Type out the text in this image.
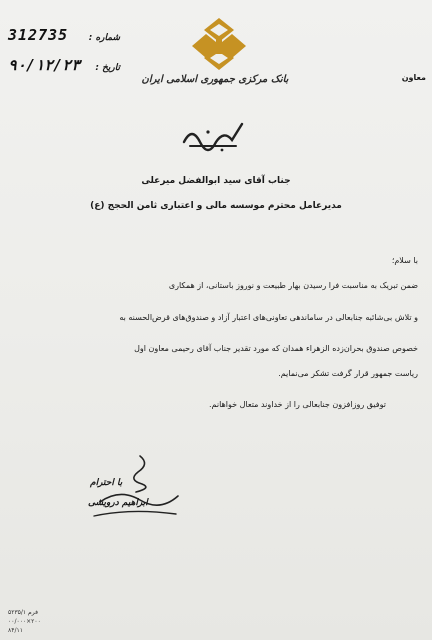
312735 شماره :
۹۰/۱۲/۲۳ تاریخ :
بانک مرکزی جمهوری اسلامی ایران	معاون
جناب آقای سید ابوالفضل میرعلی
مدیرعامل محترم موسسه مالی و اعتباری ثامن الحجج (ع)
با سلام؛
ضمن تبریک به مناسبت فرا رسیدن بهار طبیعت و نوروز باستانی، از همکاری
و تلاش بی‌شائبه جنابعالی در ساماندهی تعاونی‌های اعتبار آزاد و صندوق‌های قرض‌الحسنه به
خصوص صندوق بحران‌زده الزهراء همدان که مورد تقدیر جناب آقای رحیمی معاون اول
ریاست جمهور قرار گرفت تشکر می‌نمایم.
توفیق روزافزون جنابعالی را از خداوند متعال خواهانم.
با احترام
ابراهیم درویشی
فرم ۵۲۳۵/۱
۰۰/۰۰۰×۲۰۰
۸۴/۱۱
